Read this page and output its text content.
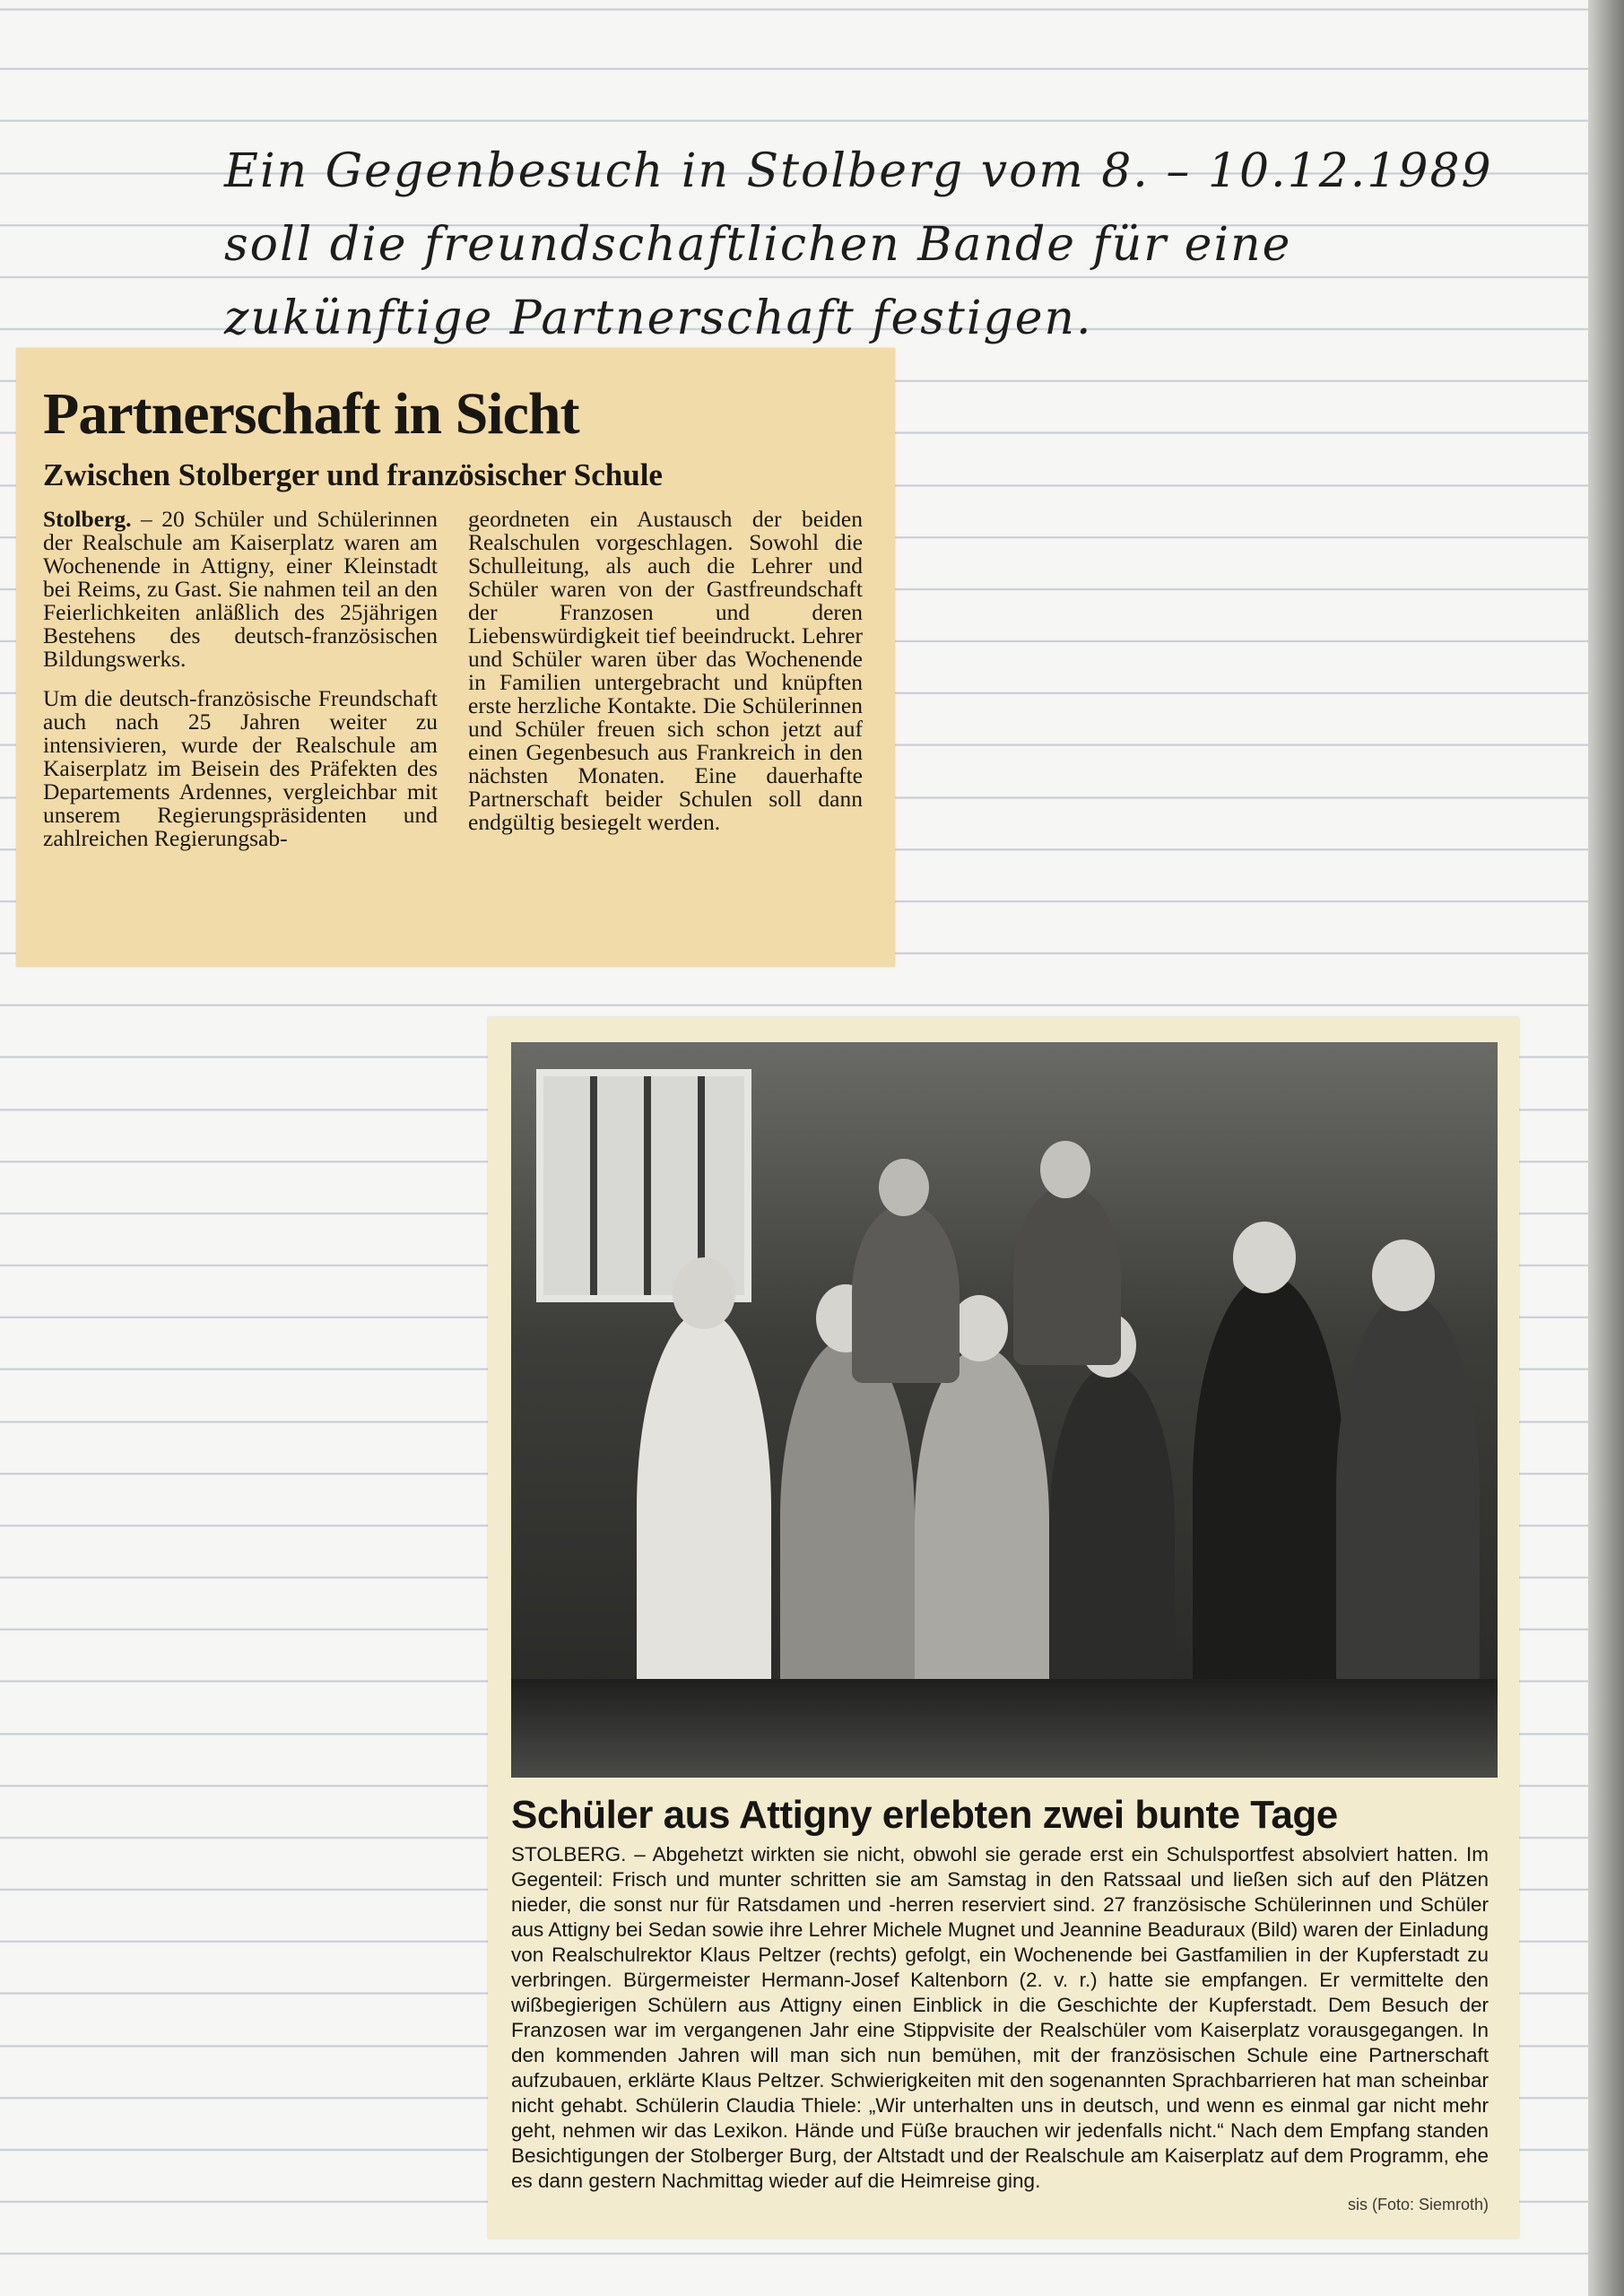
Ein Gegenbesuch in Stolberg vom 8. – 10.12.1989 soll die freundschaftlichen Bande für eine zukünftige Partnerschaft festigen.
Partnerschaft in Sicht
Zwischen Stolberger und französischer Schule

Stolberg. – 20 Schüler und Schülerinnen der Realschule am Kaiserplatz waren am Wochenende in Attigny, einer Kleinstadt bei Reims, zu Gast. Sie nahmen teil an den Feierlichkeiten anläßlich des 25jährigen Bestehens des deutsch-französischen Bildungswerks.

Um die deutsch-französische Freundschaft auch nach 25 Jahren weiter zu intensivieren, wurde der Realschule am Kaiserplatz im Beisein des Präfekten des Departements Ardennes, vergleichbar mit unserem Regierungspräsidenten und zahlreichen Regierungsab-

geordneten ein Austausch der beiden Realschulen vorgeschlagen. Sowohl die Schulleitung, als auch die Lehrer und Schüler waren von der Gastfreundschaft der Franzosen und deren Liebenswürdigkeit tief beeindruckt. Lehrer und Schüler waren über das Wochenende in Familien untergebracht und knüpften erste herzliche Kontakte. Die Schülerinnen und Schüler freuen sich schon jetzt auf einen Gegenbesuch aus Frankreich in den nächsten Monaten. Eine dauerhafte Partnerschaft beider Schulen soll dann endgültig besiegelt werden.

Schüler aus Attigny erlebten zwei bunte Tage

STOLBERG. – Abgehetzt wirkten sie nicht, obwohl sie gerade erst ein Schulsportfest absolviert hatten. Im Gegenteil: Frisch und munter schritten sie am Samstag in den Ratssaal und ließen sich auf den Plätzen nieder, die sonst nur für Ratsdamen und -herren reserviert sind. 27 französische Schülerinnen und Schüler aus Attigny bei Sedan sowie ihre Lehrer Michele Mugnet und Jeannine Beaduraux (Bild) waren der Einladung von Realschulrektor Klaus Peltzer (rechts) gefolgt, ein Wochenende bei Gastfamilien in der Kupferstadt zu verbringen. Bürgermeister Hermann-Josef Kaltenborn (2. v. r.) hatte sie empfangen. Er vermittelte den wißbegierigen Schülern aus Attigny einen Einblick in die Geschichte der Kupferstadt. Dem Besuch der Franzosen war im vergangenen Jahr eine Stippvisite der Realschüler vom Kaiserplatz vorausgegangen. In den kommenden Jahren will man sich nun bemühen, mit der französischen Schule eine Partnerschaft aufzubauen, erklärte Klaus Peltzer. Schwierigkeiten mit den sogenannten Sprachbarrieren hat man scheinbar nicht gehabt. Schülerin Claudia Thiele: „Wir unterhalten uns in deutsch, und wenn es einmal gar nicht mehr geht, nehmen wir das Lexikon. Hände und Füße brauchen wir jedenfalls nicht.“ Nach dem Empfang standen Besichtigungen der Stolberger Burg, der Altstadt und der Realschule am Kaiserplatz auf dem Programm, ehe es dann gestern Nachmittag wieder auf die Heimreise ging.

sis (Foto: Siemroth)
